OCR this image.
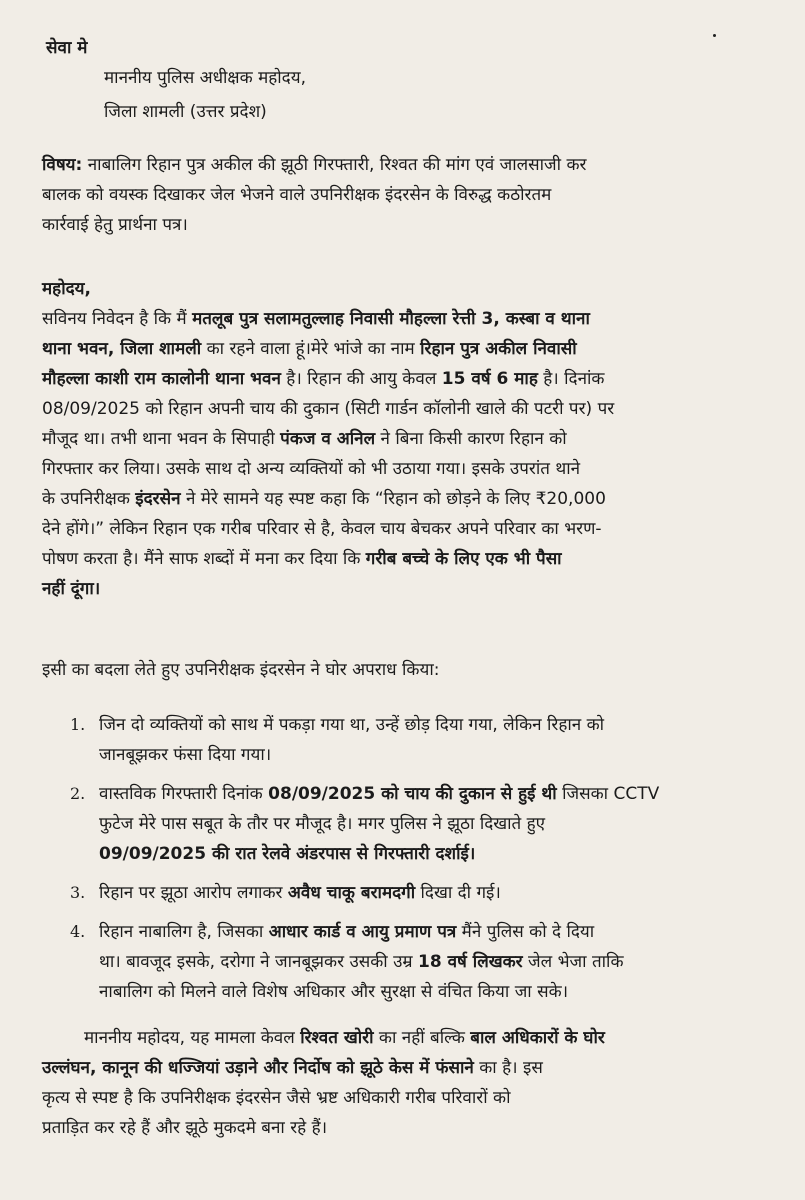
सेवा मे

माननीय पुलिस अधीक्षक महोदय,

जिला शामली (उत्तर प्रदेश)

विषय: नाबालिग रिहान पुत्र अकील की झूठी गिरफ्तारी, रिश्वत की मांग एवं जालसाजी कर

बालक को वयस्क दिखाकर जेल भेजने वाले उपनिरीक्षक इंदरसेन के विरुद्ध कठोरतम

कार्रवाई हेतु प्रार्थना पत्र।

महोदय,

सविनय निवेदन है कि मैं मतलूब पुत्र सलामतुल्लाह निवासी मौहल्ला रेत्ती 3, कस्बा व थाना

थाना भवन, जिला शामली का रहने वाला हूं।मेरे भांजे का नाम रिहान पुत्र अकील निवासी

मौहल्ला काशी राम कालोनी थाना भवन है। रिहान की आयु केवल 15 वर्ष 6 माह है। दिनांक

08/09/2025 को रिहान अपनी चाय की दुकान (सिटी गार्डन कॉलोनी खाले की पटरी पर) पर

मौजूद था। तभी थाना भवन के सिपाही पंकज व अनिल ने बिना किसी कारण रिहान को

गिरफ्तार कर लिया। उसके साथ दो अन्य व्यक्तियों को भी उठाया गया। इसके उपरांत थाने

के उपनिरीक्षक इंदरसेन ने मेरे सामने यह स्पष्ट कहा कि “रिहान को छोड़ने के लिए ₹20,000

देने होंगे।” लेकिन रिहान एक गरीब परिवार से है, केवल चाय बेचकर अपने परिवार का भरण-

पोषण करता है। मैंने साफ शब्दों में मना कर दिया कि गरीब बच्चे के लिए एक भी पैसा

नहीं दूंगा।

इसी का बदला लेते हुए उपनिरीक्षक इंदरसेन ने घोर अपराध किया:

1. जिन दो व्यक्तियों को साथ में पकड़ा गया था, उन्हें छोड़ दिया गया, लेकिन रिहान को

जानबूझकर फंसा दिया गया।

2. वास्तविक गिरफ्तारी दिनांक 08/09/2025 को चाय की दुकान से हुई थी जिसका CCTV

फुटेज मेरे पास सबूत के तौर पर मौजूद है। मगर पुलिस ने झूठा दिखाते हुए

09/09/2025 की रात रेलवे अंडरपास से गिरफ्तारी दर्शाई।

3. रिहान पर झूठा आरोप लगाकर अवैध चाकू बरामदगी दिखा दी गई।

4. रिहान नाबालिग है, जिसका आधार कार्ड व आयु प्रमाण पत्र मैंने पुलिस को दे दिया

था। बावजूद इसके, दरोगा ने जानबूझकर उसकी उम्र 18 वर्ष लिखकर जेल भेजा ताकि

नाबालिग को मिलने वाले विशेष अधिकार और सुरक्षा से वंचित किया जा सके।

माननीय महोदय, यह मामला केवल रिश्वत खोरी का नहीं बल्कि बाल अधिकारों के घोर

उल्लंघन, कानून की धज्जियां उड़ाने और निर्दोष को झूठे केस में फंसाने का है। इस

कृत्य से स्पष्ट है कि उपनिरीक्षक इंदरसेन जैसे भ्रष्ट अधिकारी गरीब परिवारों को

प्रताड़ित कर रहे हैं और झूठे मुकदमे बना रहे हैं।
